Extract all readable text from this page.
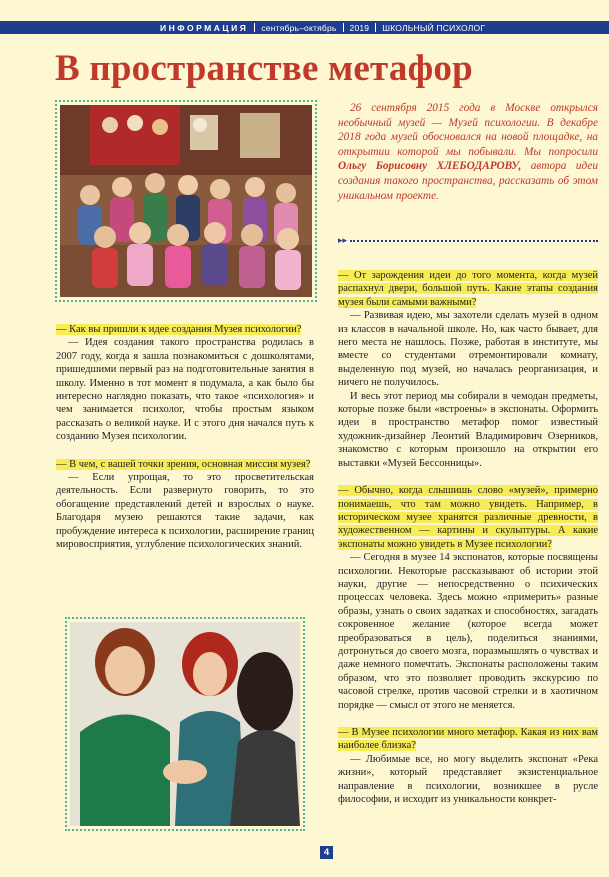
ИНФОРМАЦИЯ сентябрь–октябрь 2019 ШКОЛЬНЫЙ ПСИХОЛОГ
В пространстве метафор

26 сентября 2015 года в Москве открылся необычный музей — Музей психологии. В декабре 2018 года музей обосновался на новой площадке, на открытии которой мы побывали. Мы попросили Ольгу Борисовну ХЛЕБОДАРОВУ, автора идеи создания такого пространства, рассказать об этом уникальном проекте.

▸▸

— Как вы пришли к идее создания Музея психологии?

— Идея создания такого пространства родилась в 2007 году, когда я зашла познакомиться с дошколятами, пришедшими первый раз на подготовительные занятия в школу. Именно в тот момент я подумала, а как было бы интересно наглядно показать, что такое «психология» и чем занимается психолог, чтобы простым языком рассказать о великой науке. И с этого дня начался путь к созданию Музея психологии.

— В чем, с вашей точки зрения, основная миссия музея?

— Если упрощая, то это просветительская деятельность. Если развернуто говорить, то это обогащение представлений детей и взрослых о науке. Благодаря музею решаются такие задачи, как пробуждение интереса к психологии, расширение границ мировосприятия, углубление психологических знаний.

— От зарождения идеи до того момента, когда музей распахнул двери, большой путь. Какие этапы создания музея были самыми важными?

— Развивая идею, мы захотели сделать музей в одном из классов в начальной школе. Но, как часто бывает, для него места не нашлось. Позже, работая в институте, мы вместе со студентами отремонтировали комнату, выделенную под музей, но началась реорганизация, и ничего не получилось.

И весь этот период мы собирали в чемодан предметы, которые позже были «встроены» в экспонаты. Оформить идеи в пространство метафор помог известный художник-дизайнер Леонтий Владимирович Озерников, знакомство с которым произошло на открытии его выставки «Музей Бессонницы».

— Обычно, когда слышишь слово «музей», примерно понимаешь, что там можно увидеть. Например, в историческом музее хранятся различные древности, в художественном — картины и скульптуры. А какие экспонаты можно увидеть в Музее психологии?

— Сегодня в музее 14 экспонатов, которые посвящены психологии. Некоторые рассказывают об истории этой науки, другие — непосредственно о психических процессах человека. Здесь можно «примерить» разные образы, узнать о своих задатках и способностях, загадать сокровенное желание (которое всегда может преобразоваться в цель), поделиться знаниями, дотронуться до своего мозга, поразмышлять о чувствах и даже немного помечтать. Экспонаты расположены таким образом, что это позволяет проводить экскурсию по часовой стрелке, против часовой стрелки и в хаотичном порядке — смысл от этого не меняется.

— В Музее психологии много метафор. Какая из них вам наиболее близка?

— Любимые все, но могу выделить экспонат «Река жизни», который представляет экзистенциальное направление в психологии, возникшее в русле философии, и исходит из уникальности конкрет-

4
